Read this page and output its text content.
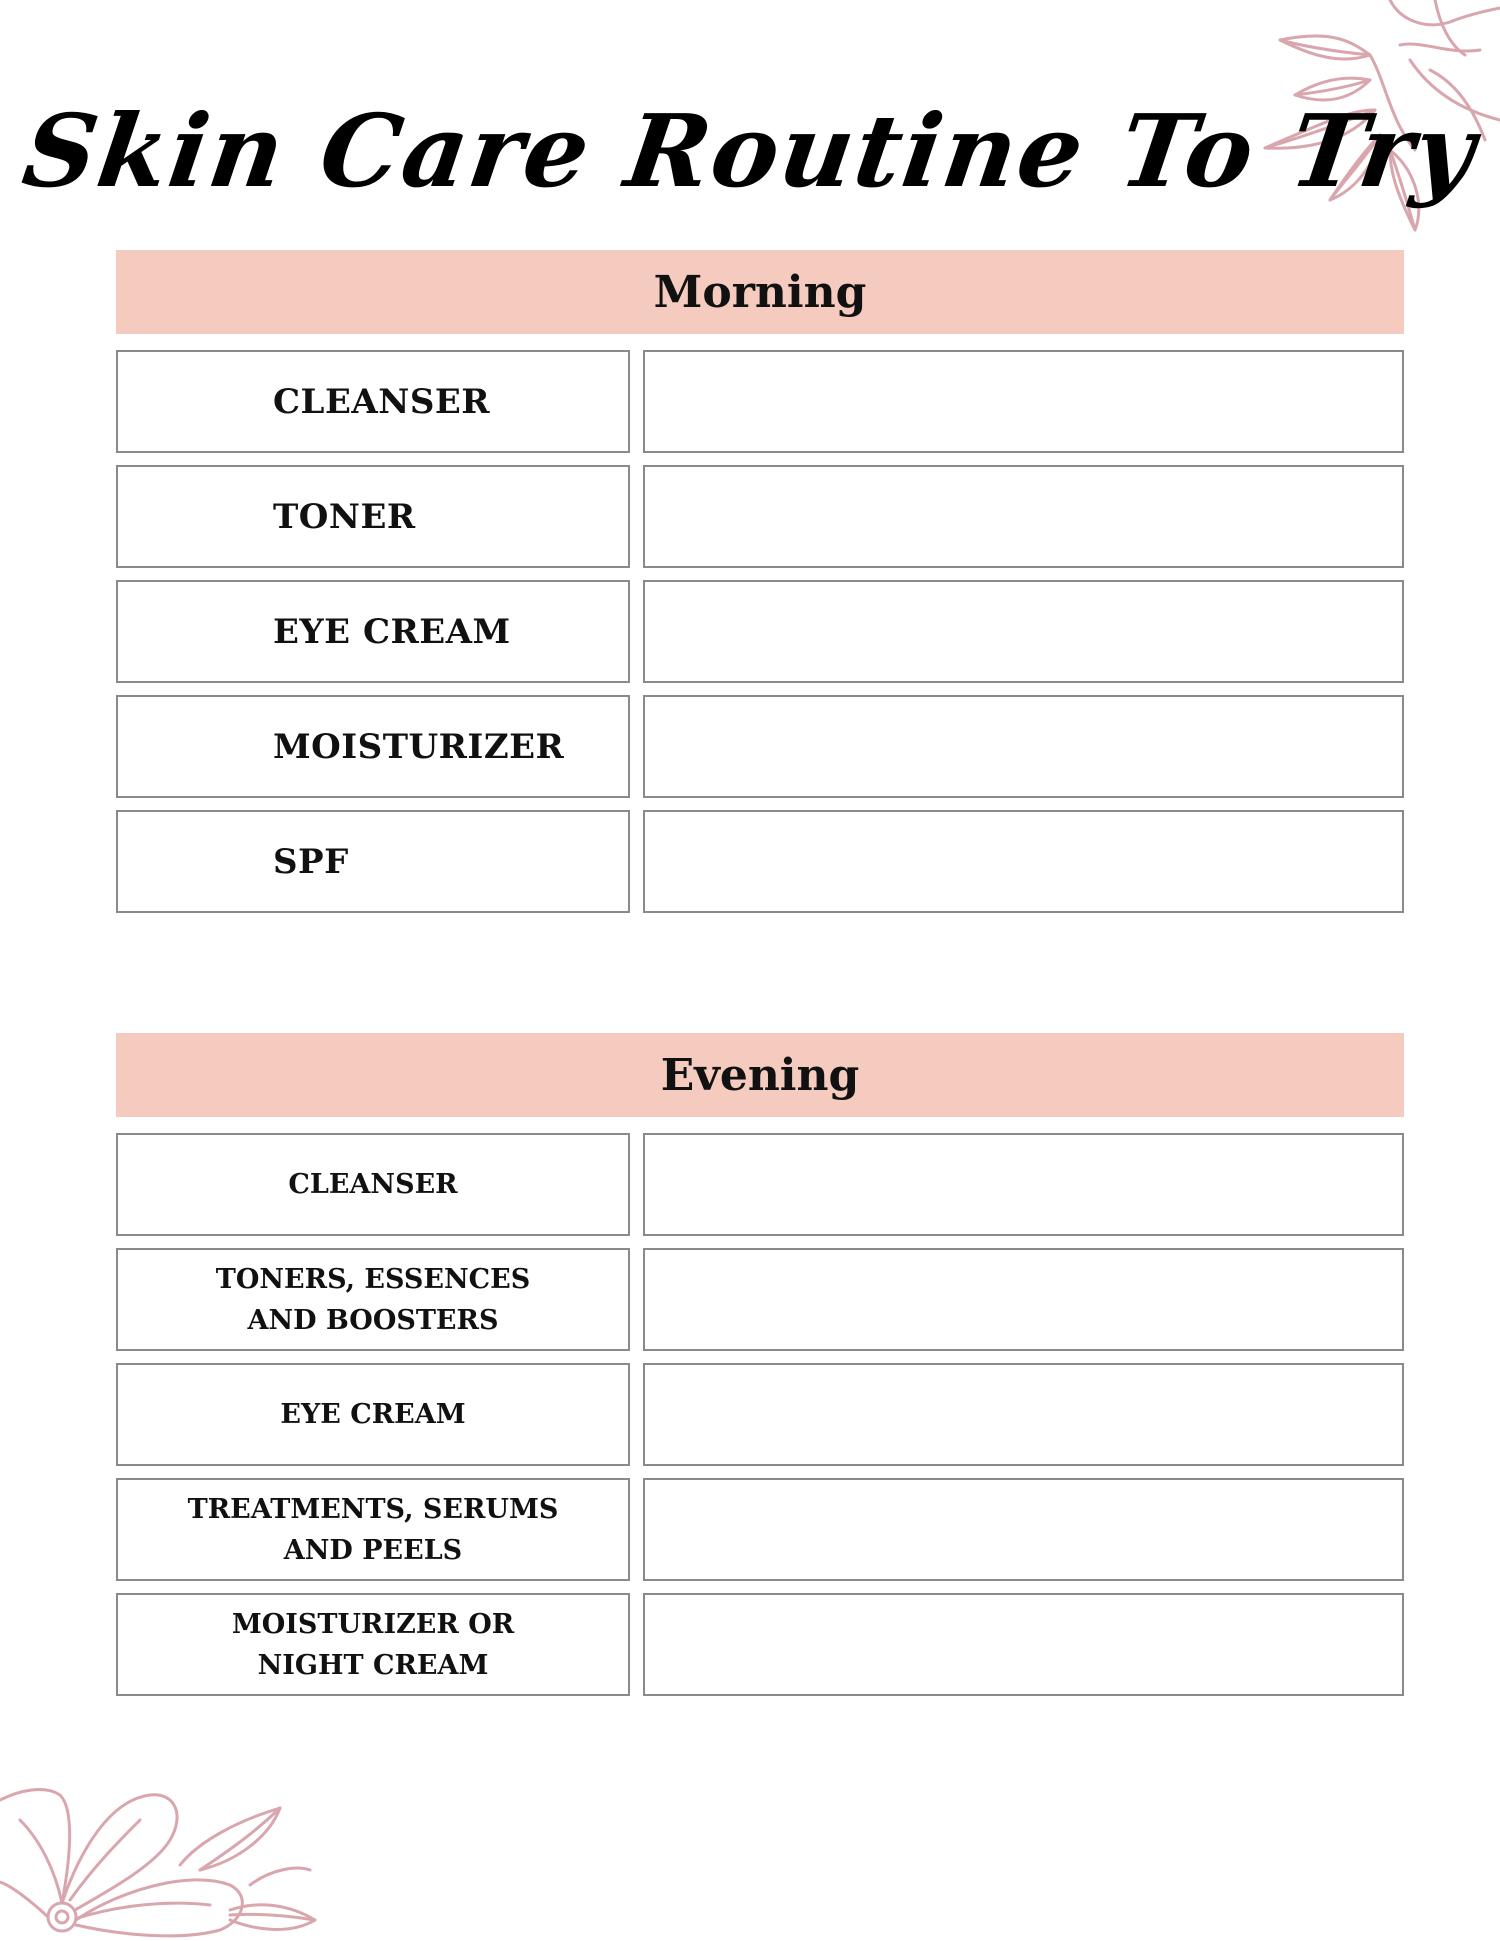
Skin Care Routine To Try
Morning
CLEANSER
TONER
EYE CREAM
MOISTURIZER
SPF
Evening
CLEANSER
TONERS, ESSENCES
AND BOOSTERS
EYE CREAM
TREATMENTS, SERUMS
AND PEELS
MOISTURIZER OR
NIGHT CREAM
